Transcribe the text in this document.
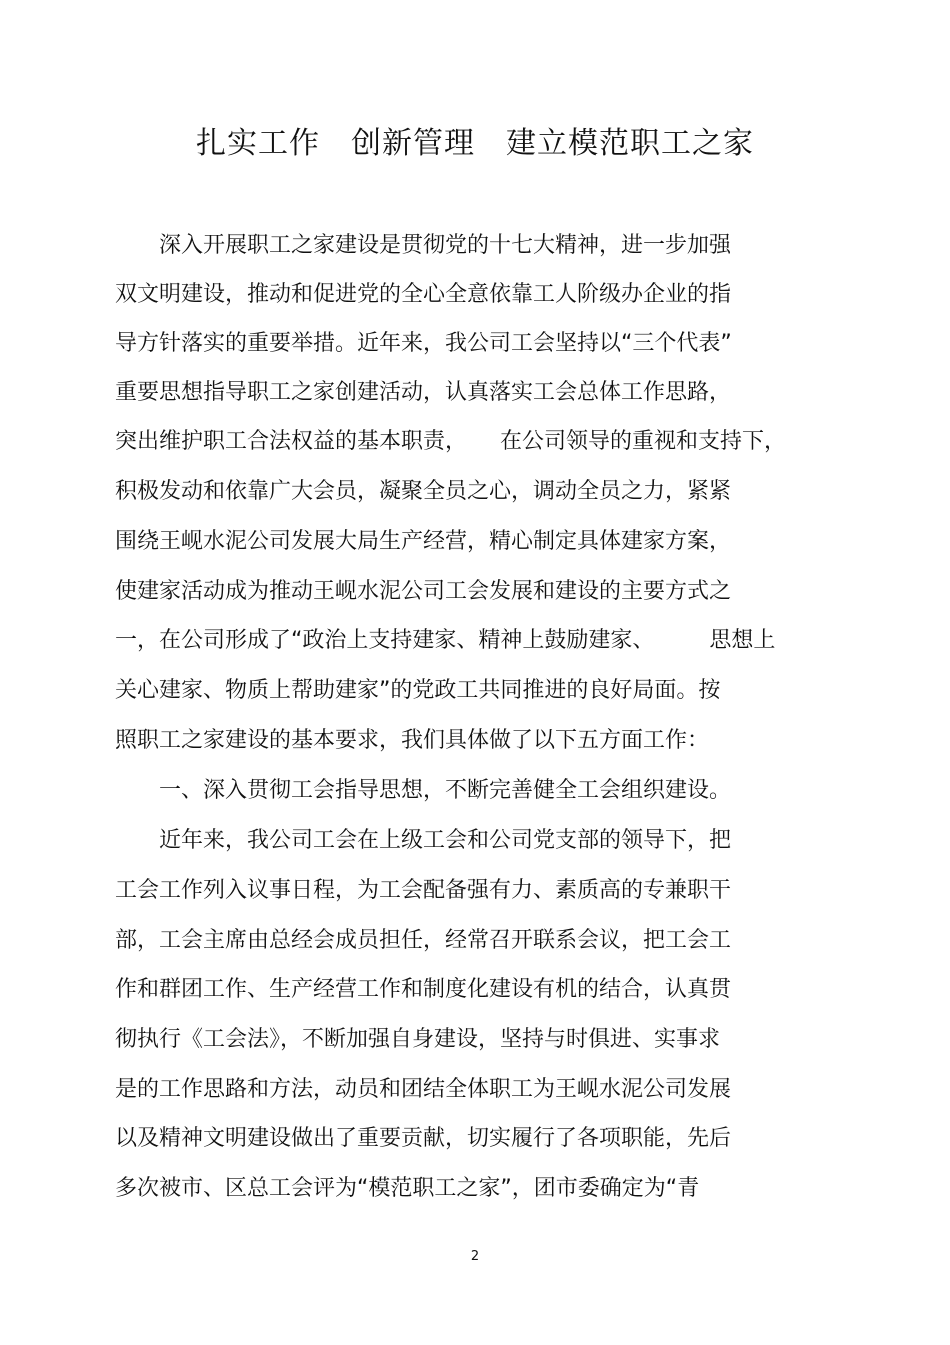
扎实工作　创新管理　建立模范职工之家
　　深入开展职工之家建设是贯彻党的十七大精神，进一步加强
双文明建设，推动和促进党的全心全意依靠工人阶级办企业的指
导方针落实的重要举措。近年来，我公司工会坚持以“三个代表”
重要思想指导职工之家创建活动，认真落实工会总体工作思路，
突出维护职工合法权益的基本职责，　　在公司领导的重视和支持下，
积极发动和依靠广大会员，凝聚全员之心，调动全员之力，紧紧
围绕王岘水泥公司发展大局生产经营，精心制定具体建家方案，
使建家活动成为推动王岘水泥公司工会发展和建设的主要方式之
一，在公司形成了“政治上支持建家、精神上鼓励建家、　　　思想上
关心建家、物质上帮助建家”的党政工共同推进的良好局面。按
照职工之家建设的基本要求，我们具体做了以下五方面工作：
　　一、深入贯彻工会指导思想，不断完善健全工会组织建设。
　　近年来，我公司工会在上级工会和公司党支部的领导下，把
工会工作列入议事日程，为工会配备强有力、素质高的专兼职干
部，工会主席由总经会成员担任，经常召开联系会议，把工会工
作和群团工作、生产经营工作和制度化建设有机的结合，认真贯
彻执行《工会法》，不断加强自身建设，坚持与时俱进、实事求
是的工作思路和方法，动员和团结全体职工为王岘水泥公司发展
以及精神文明建设做出了重要贡献，切实履行了各项职能，先后
多次被市、区总工会评为“模范职工之家”，团市委确定为“青
2
